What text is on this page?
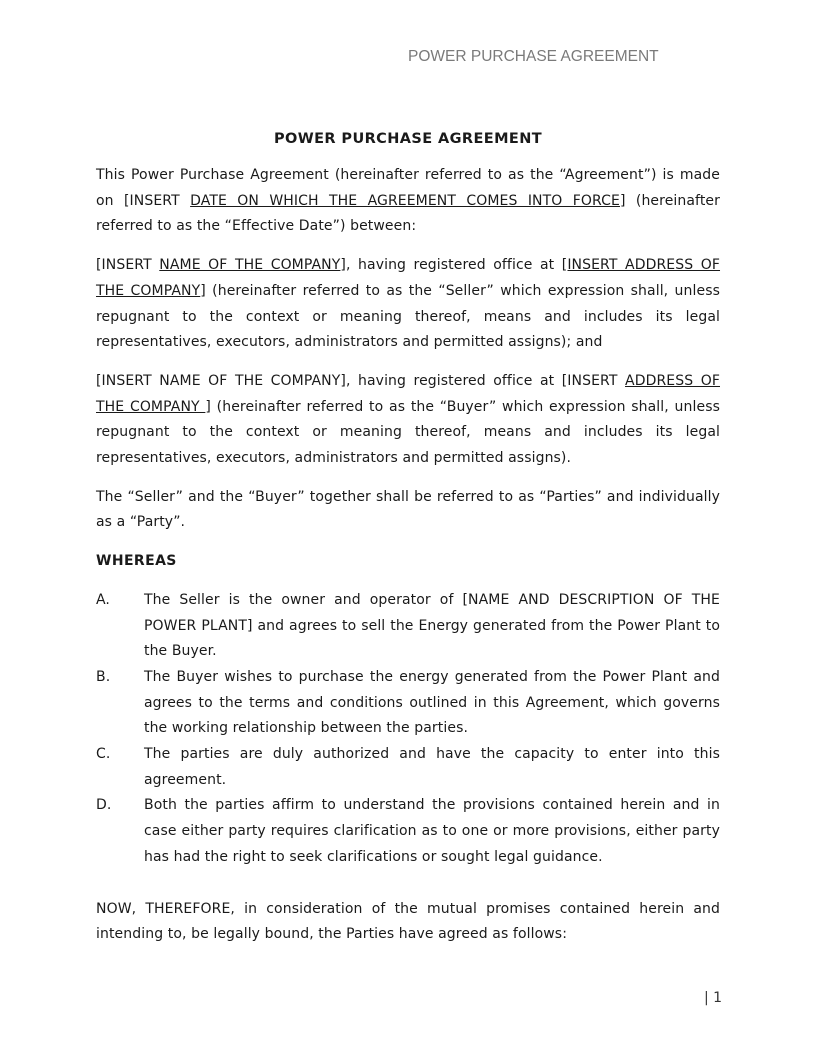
POWER PURCHASE AGREEMENT
POWER PURCHASE AGREEMENT

This Power Purchase Agreement (hereinafter referred to as the “Agreement”) is made on [INSERT DATE ON WHICH THE AGREEMENT COMES INTO FORCE] (hereinafter referred to as the “Effective Date”) between:

[INSERT NAME OF THE COMPANY], having registered office at [INSERT ADDRESS OF THE COMPANY] (hereinafter referred to as the “Seller” which expression shall, unless repugnant to the context or meaning thereof, means and includes its legal representatives, executors, administrators and permitted assigns); and

[INSERT NAME OF THE COMPANY], having registered office at [INSERT ADDRESS OF THE COMPANY ] (hereinafter referred to as the “Buyer” which expression shall, unless repugnant to the context or meaning thereof, means and includes its legal representatives, executors, administrators and permitted assigns).

The “Seller” and the “Buyer” together shall be referred to as “Parties” and individually as a “Party”.

WHEREAS
A.	The Seller is the owner and operator of [NAME AND DESCRIPTION OF THE POWER PLANT] and agrees to sell the Energy generated from the Power Plant to the Buyer.
B.	The Buyer wishes to purchase the energy generated from the Power Plant and agrees to the terms and conditions outlined in this Agreement, which governs the working relationship between the parties.
C.	The parties are duly authorized and have the capacity to enter into this agreement.
D.	Both the parties affirm to understand the provisions contained herein and in case either party requires clarification as to one or more provisions, either party has had the right to seek clarifications or sought legal guidance.

NOW, THEREFORE, in consideration of the mutual promises contained herein and intending to, be legally bound, the Parties have agreed as follows:

| 1
